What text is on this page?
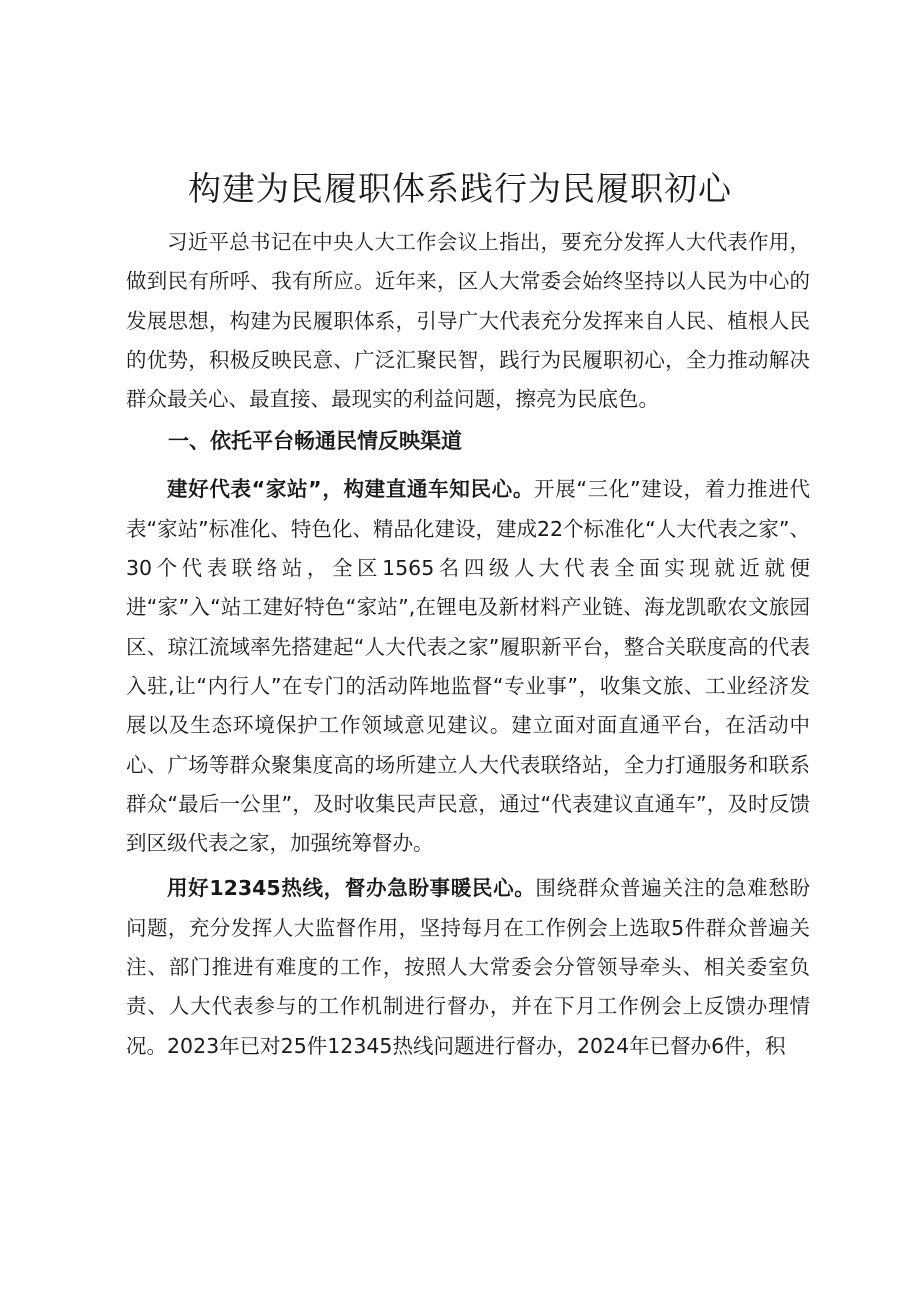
构建为民履职体系践行为民履职初心

习近平总书记在中央人大工作会议上指出，要充分发挥人大代表作用，做到民有所呼、我有所应。近年来，区人大常委会始终坚持以人民为中心的发展思想，构建为民履职体系，引导广大代表充分发挥来自人民、植根人民的优势，积极反映民意、广泛汇聚民智，践行为民履职初心，全力推动解决群众最关心、最直接、最现实的利益问题，擦亮为民底色。

一、依托平台畅通民情反映渠道

建好代表“家站”，构建直通车知民心。开展“三化”建设，着力推进代表“家站”标准化、特色化、精品化建设，建成22个标准化“人大代表之家”、30个代表联络站，全区1565名四级人大代表全面实现就近就便进“家”入“站工建好特色“家站”,在锂电及新材料产业链、海龙凯歌农文旅园区、琼江流域率先搭建起“人大代表之家”履职新平台，整合关联度高的代表入驻,让“内行人”在专门的活动阵地监督“专业事”，收集文旅、工业经济发展以及生态环境保护工作领域意见建议。建立面对面直通平台，在活动中心、广场等群众聚集度高的场所建立人大代表联络站，全力打通服务和联系群众“最后一公里”，及时收集民声民意，通过“代表建议直通车”，及时反馈到区级代表之家，加强统筹督办。

用好12345热线，督办急盼事暖民心。围绕群众普遍关注的急难愁盼问题，充分发挥人大监督作用，坚持每月在工作例会上选取5件群众普遍关注、部门推进有难度的工作，按照人大常委会分管领导牵头、相关委室负责、人大代表参与的工作机制进行督办，并在下月工作例会上反馈办理情况。2023年已对25件12345热线问题进行督办，2024年已督办6件，积
